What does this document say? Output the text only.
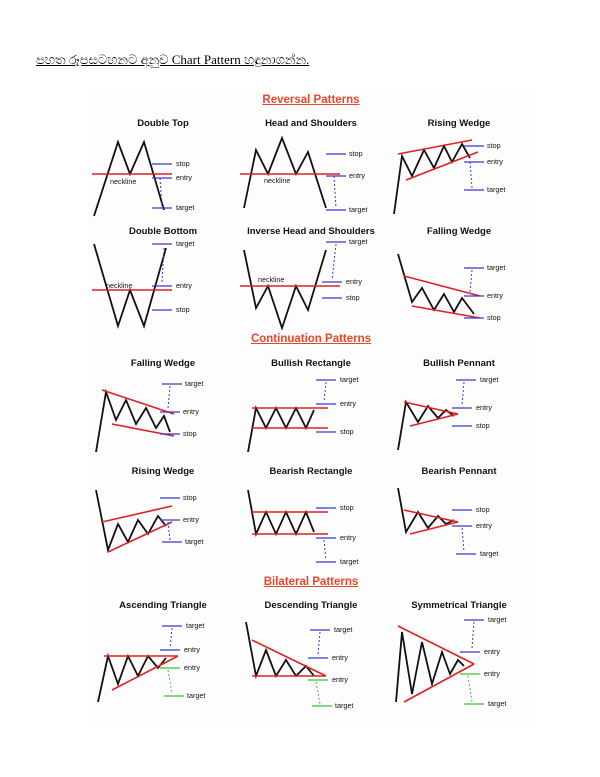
පහත රූපසටහනට අනුව Chart Pattern හඳුනාගන්න.
Reversal Patterns
Double Top
neckline
stop
entry
target
Head and Shoulders
neckline
stop
entry
target
Rising Wedge
stop
entry
target
Double Bottom
neckline
target
entry
stop
Inverse Head and Shoulders
neckline
target
entry
stop
Falling Wedge
target
entry
stop
Continuation Patterns
Falling Wedge
target
entry
stop
Bullish Rectangle
target
entry
stop
Bullish Pennant
target
entry
stop
Rising Wedge
stop
entry
target
Bearish Rectangle
stop
entry
target
Bearish Pennant
stop
entry
target
Bilateral Patterns
Ascending Triangle
target
entry
entry
target
Descending Triangle
target
entry
entry
target
Symmetrical Triangle
target
entry
entry
target
